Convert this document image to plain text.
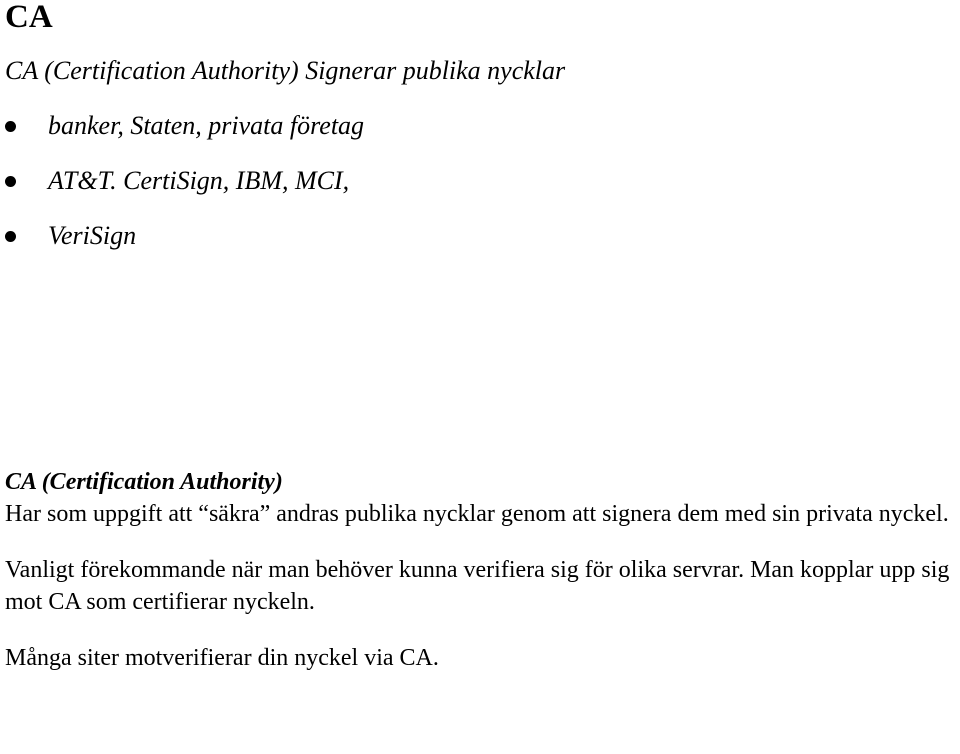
CA

CA (Certification Authority) Signerar publika nycklar

banker, Staten, privata företag
AT&T. CertiSign, IBM, MCI,
VeriSign

CA (Certification Authority)

Har som uppgift att “säkra” andras publika nycklar genom att signera dem med sin privata nyckel.

Vanligt förekommande när man behöver kunna verifiera sig för olika servrar. Man kopplar upp sig mot CA som certifierar nyckeln.

Många siter motverifierar din nyckel via CA.
